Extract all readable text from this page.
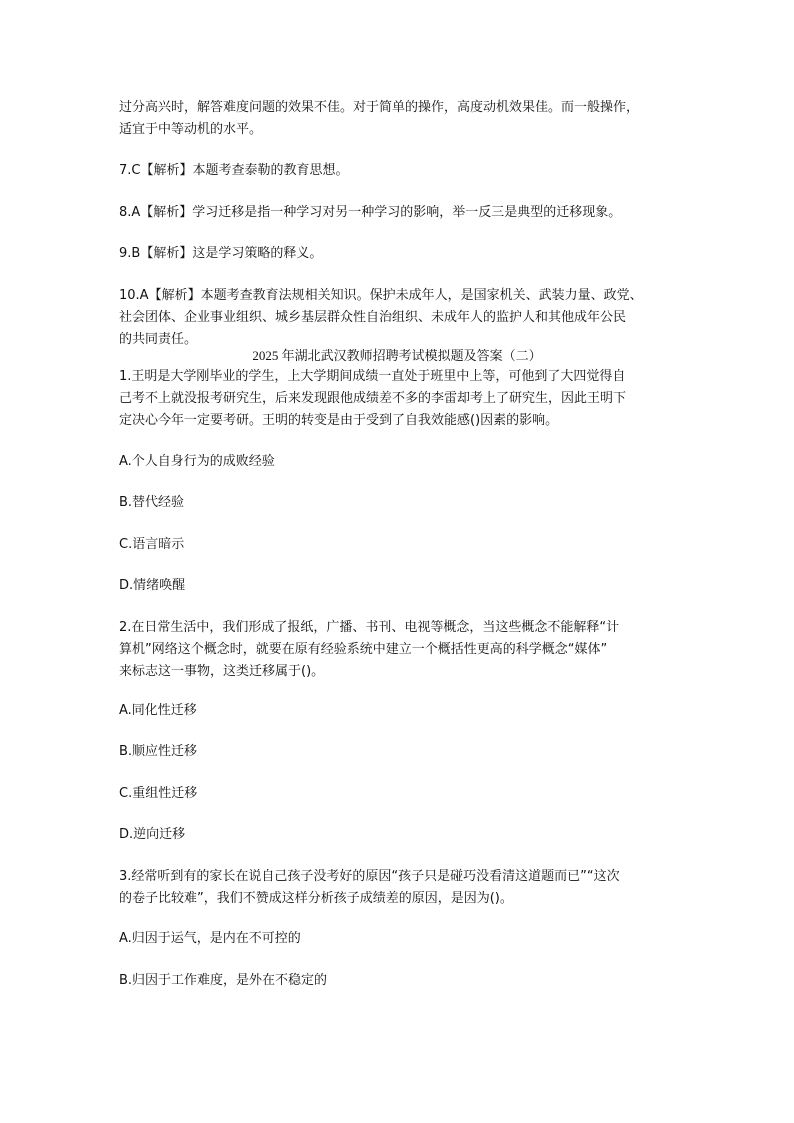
过分高兴时，解答难度问题的效果不佳。对于简单的操作，高度动机效果佳。而一般操作，
适宜于中等动机的水平。

7.C【解析】本题考查泰勒的教育思想。

8.A【解析】学习迁移是指一种学习对另一种学习的影响，举一反三是典型的迁移现象。

9.B【解析】这是学习策略的释义。

10.A【解析】本题考查教育法规相关知识。保护未成年人，是国家机关、武装力量、政党、
社会团体、企业事业组织、城乡基层群众性自治组织、未成年人的监护人和其他成年公民
的共同责任。

2025 年湖北武汉教师招聘考试模拟题及答案（二）

1.王明是大学刚毕业的学生，上大学期间成绩一直处于班里中上等，可他到了大四觉得自
己考不上就没报考研究生，后来发现跟他成绩差不多的李雷却考上了研究生，因此王明下
定决心今年一定要考研。王明的转变是由于受到了自我效能感()因素的影响。

A.个人自身行为的成败经验

B.替代经验

C.语言暗示

D.情绪唤醒

2.在日常生活中，我们形成了报纸，广播、书刊、电视等概念，当这些概念不能解释“计
算机”网络这个概念时，就要在原有经验系统中建立一个概括性更高的科学概念“媒体”
来标志这一事物，这类迁移属于()。

A.同化性迁移

B.顺应性迁移

C.重组性迁移

D.逆向迁移

3.经常听到有的家长在说自己孩子没考好的原因“孩子只是碰巧没看清这道题而已”“这次
的卷子比较难”，我们不赞成这样分析孩子成绩差的原因，是因为()。

A.归因于运气，是内在不可控的

B.归因于工作难度，是外在不稳定的
